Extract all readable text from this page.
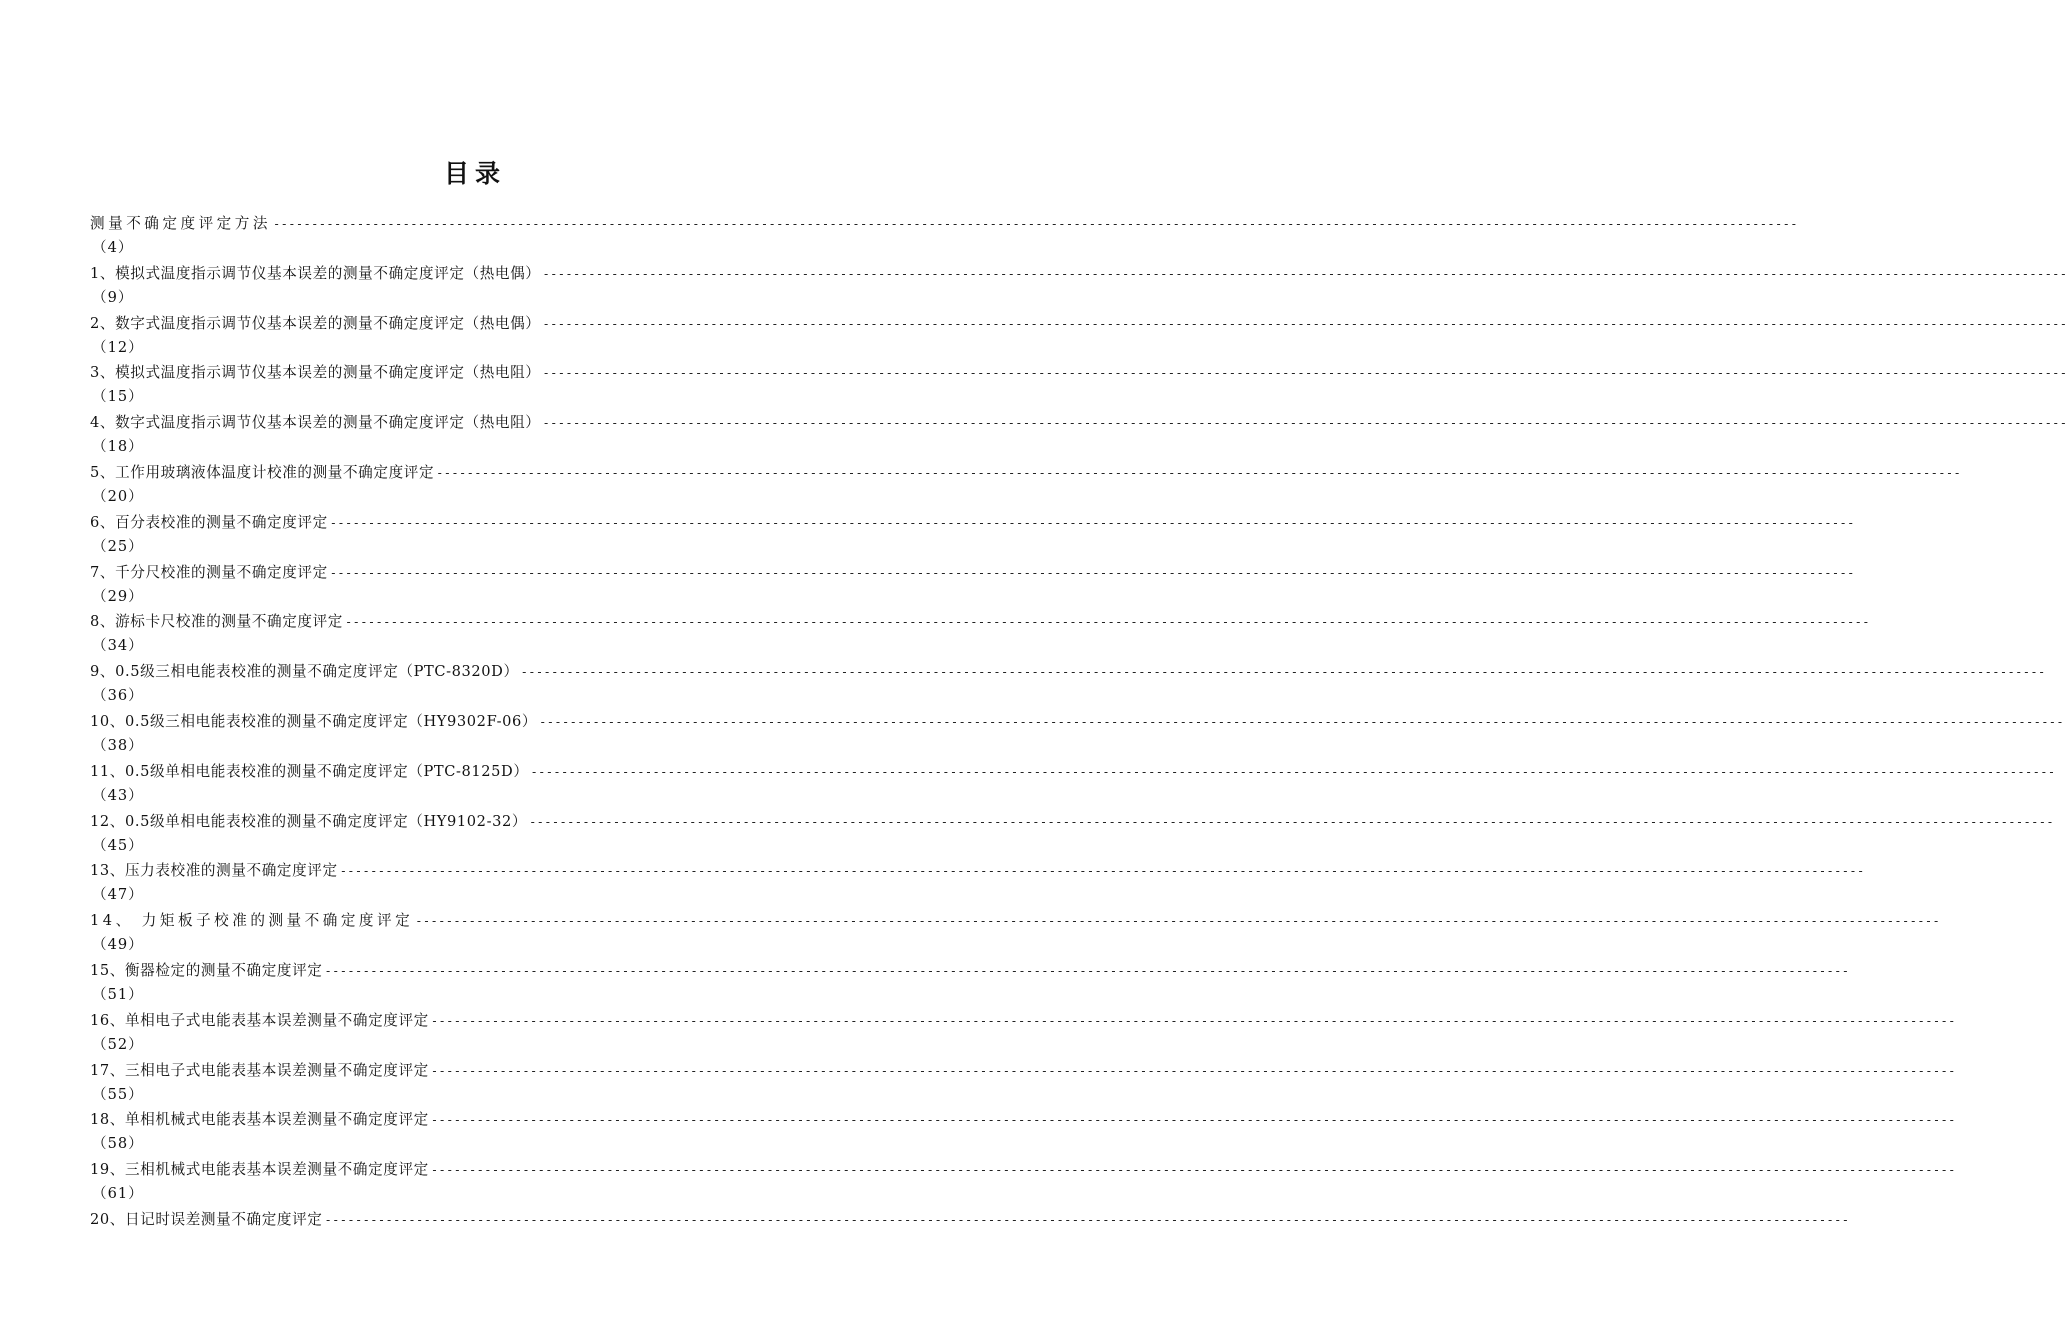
目录
测量不确定度评定方法 --------------------------------------------------------------------------------------------------------------------------------------------------------------------------------------------------------
（4）
1、模拟式温度指示调节仪基本误差的测量不确定度评定（热电偶） --------------------------------------------------------------------------------------------------------------------------------------------------------------------------------------------------------
（9）
2、数字式温度指示调节仪基本误差的测量不确定度评定（热电偶） --------------------------------------------------------------------------------------------------------------------------------------------------------------------------------------------------------
（12）
3、模拟式温度指示调节仪基本误差的测量不确定度评定（热电阻） --------------------------------------------------------------------------------------------------------------------------------------------------------------------------------------------------------
（15）
4、数字式温度指示调节仪基本误差的测量不确定度评定（热电阻） --------------------------------------------------------------------------------------------------------------------------------------------------------------------------------------------------------
（18）
5、工作用玻璃液体温度计校准的测量不确定度评定 --------------------------------------------------------------------------------------------------------------------------------------------------------------------------------------------------------
（20）
6、百分表校准的测量不确定度评定 --------------------------------------------------------------------------------------------------------------------------------------------------------------------------------------------------------
（25）
7、千分尺校准的测量不确定度评定 --------------------------------------------------------------------------------------------------------------------------------------------------------------------------------------------------------
（29）
8、游标卡尺校准的测量不确定度评定 --------------------------------------------------------------------------------------------------------------------------------------------------------------------------------------------------------
（34）
9、0.5级三相电能表校准的测量不确定度评定（PTC-8320D） --------------------------------------------------------------------------------------------------------------------------------------------------------------------------------------------------------
（36）
10、0.5级三相电能表校准的测量不确定度评定（HY9302F-06） --------------------------------------------------------------------------------------------------------------------------------------------------------------------------------------------------------
（38）
11、0.5级单相电能表校准的测量不确定度评定（PTC-8125D） --------------------------------------------------------------------------------------------------------------------------------------------------------------------------------------------------------
（43）
12、0.5级单相电能表校准的测量不确定度评定（HY9102-32） --------------------------------------------------------------------------------------------------------------------------------------------------------------------------------------------------------
（45）
13、压力表校准的测量不确定度评定 --------------------------------------------------------------------------------------------------------------------------------------------------------------------------------------------------------
（47）
14、 力矩板子校准的测量不确定度评定 --------------------------------------------------------------------------------------------------------------------------------------------------------------------------------------------------------
（49）
15、衡器检定的测量不确定度评定 --------------------------------------------------------------------------------------------------------------------------------------------------------------------------------------------------------
（51）
16、单相电子式电能表基本误差测量不确定度评定 --------------------------------------------------------------------------------------------------------------------------------------------------------------------------------------------------------
（52）
17、三相电子式电能表基本误差测量不确定度评定 --------------------------------------------------------------------------------------------------------------------------------------------------------------------------------------------------------
（55）
18、单相机械式电能表基本误差测量不确定度评定 --------------------------------------------------------------------------------------------------------------------------------------------------------------------------------------------------------
（58）
19、三相机械式电能表基本误差测量不确定度评定 --------------------------------------------------------------------------------------------------------------------------------------------------------------------------------------------------------
（61）
20、日记时误差测量不确定度评定 --------------------------------------------------------------------------------------------------------------------------------------------------------------------------------------------------------
